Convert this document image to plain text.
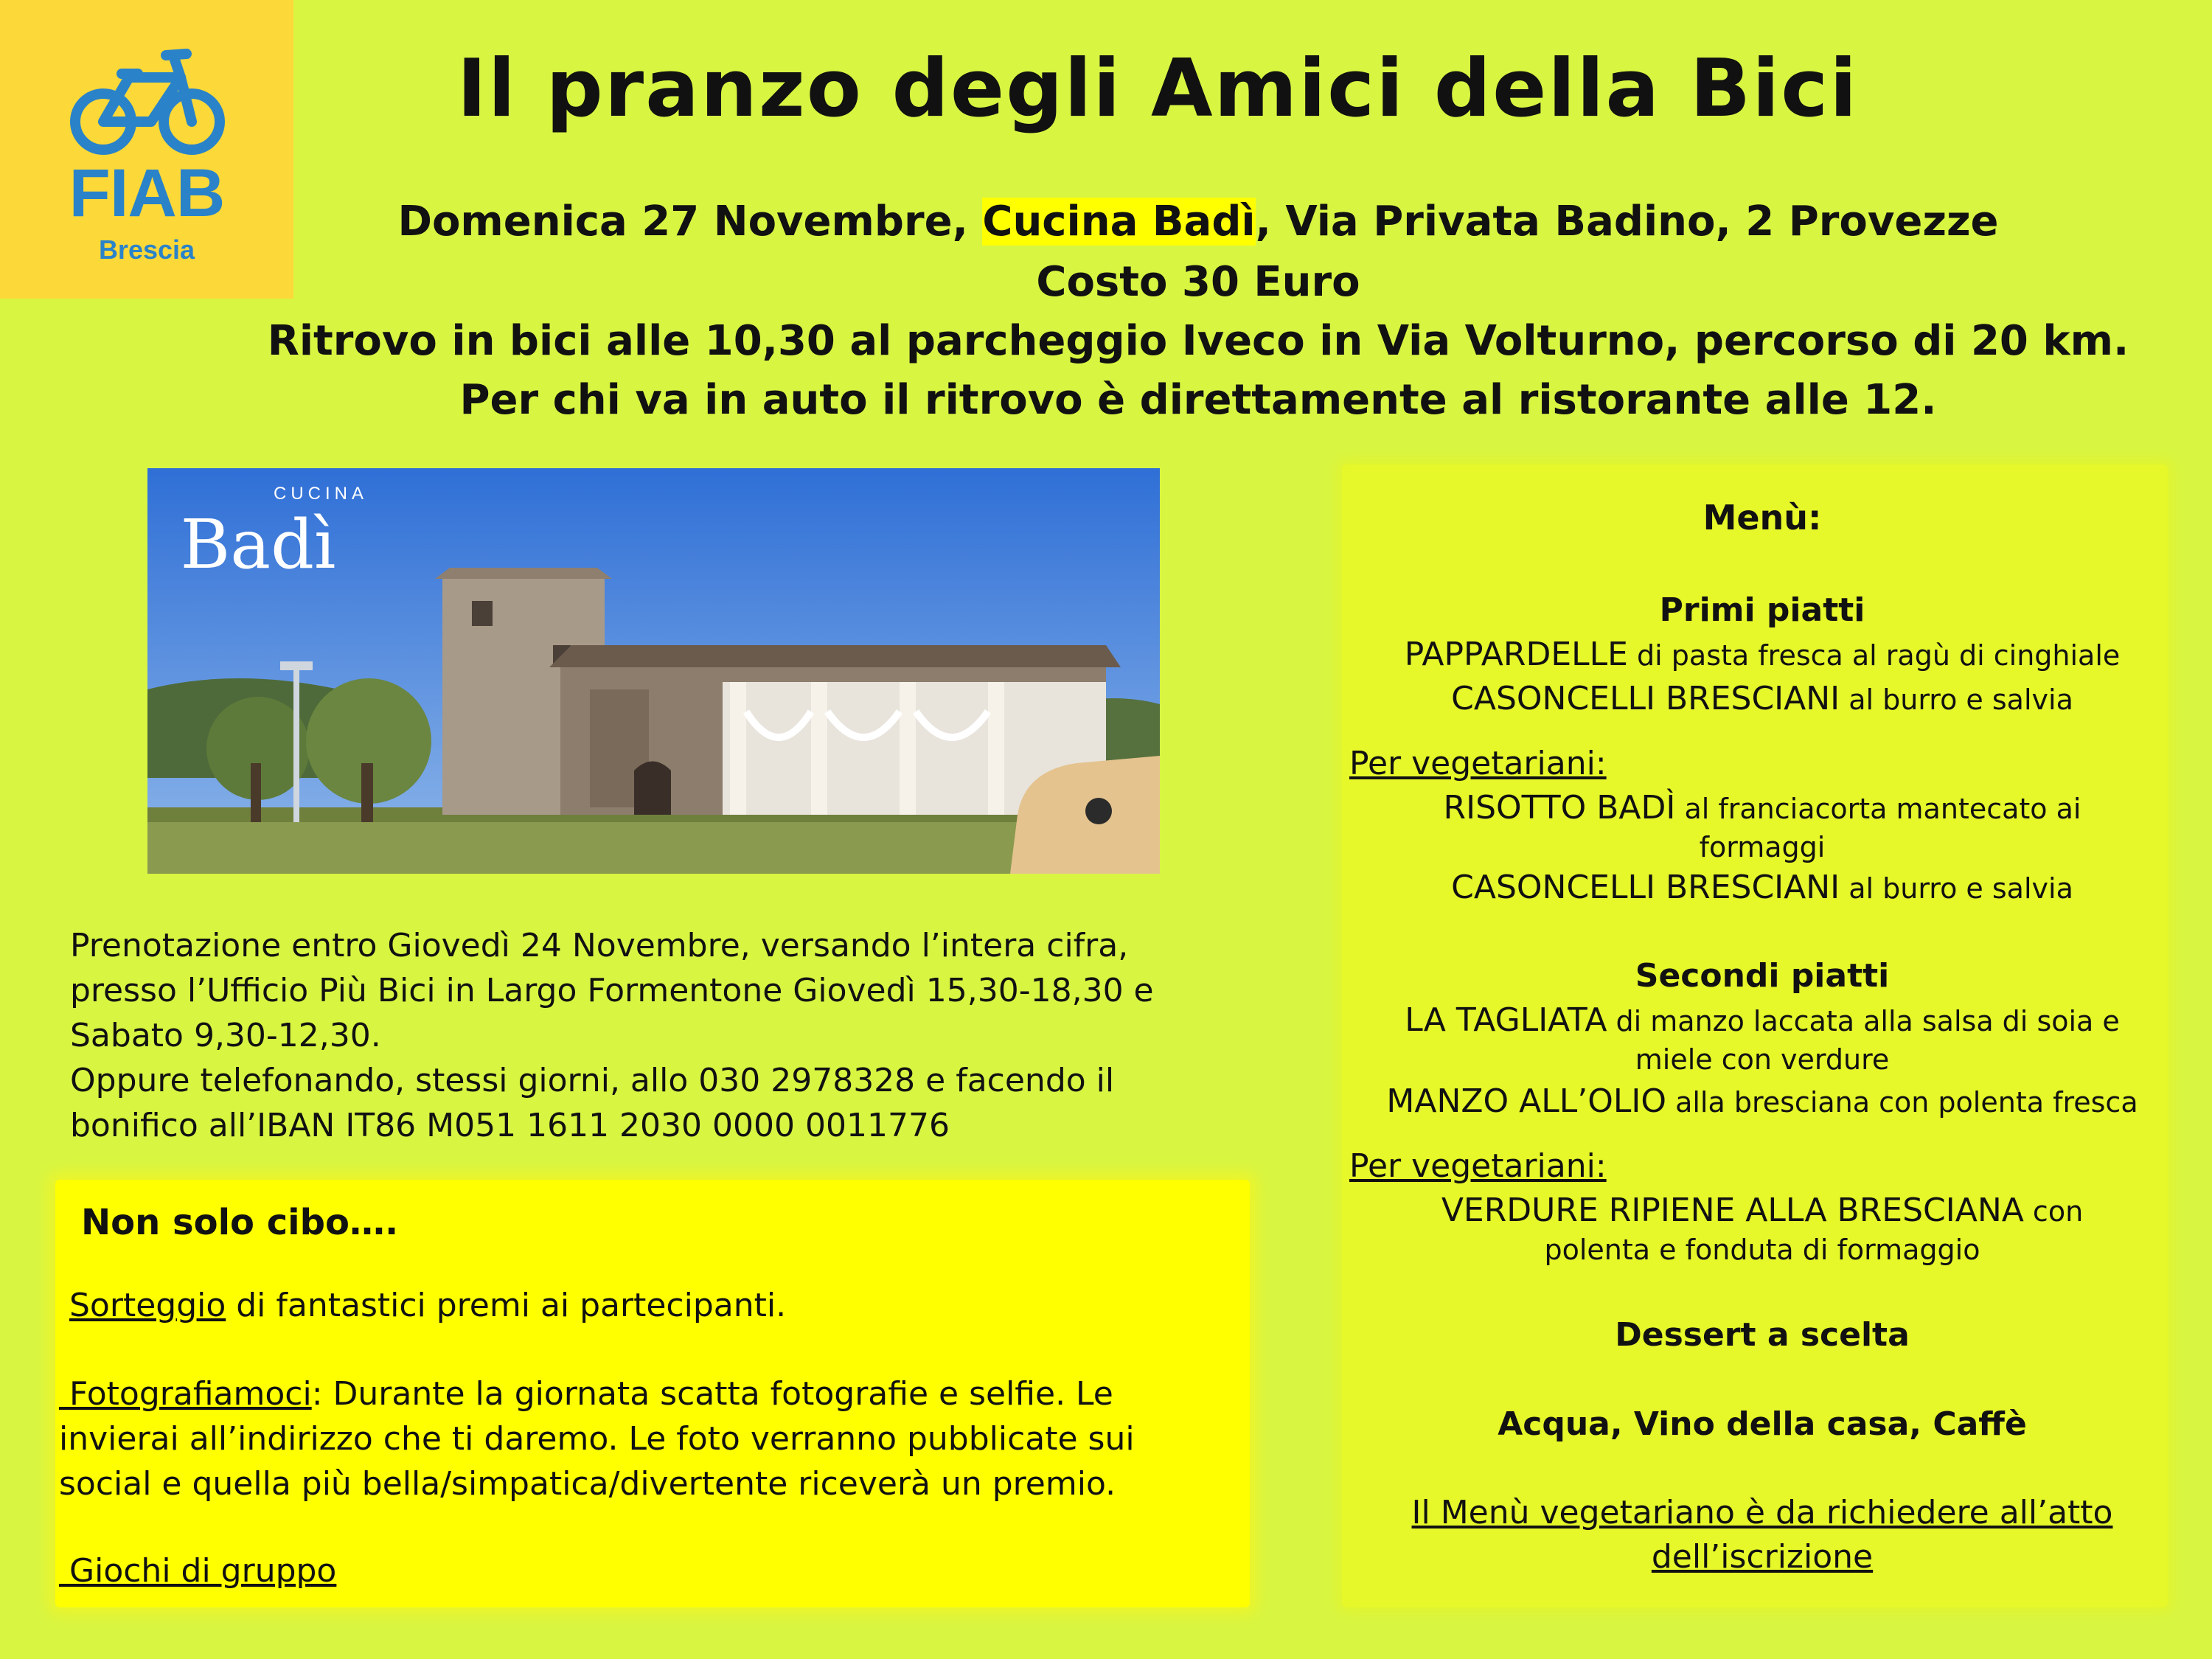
FIAB
Brescia
Il pranzo degli Amici della Bici
Domenica 27 Novembre, Cucina Badì, Via Privata Badino, 2 Provezze
Costo 30 Euro
Ritrovo in bici alle 10,30 al parcheggio Iveco in Via Volturno, percorso di 20 km.
Per chi va in auto il ritrovo è direttamente al ristorante alle 12.
CUCINA
Badì

Prenotazione entro Giovedì 24 Novembre, versando l’intera cifra,

presso l’Ufficio Più Bici in Largo Formentone Giovedì 15,30-18,30 e

Sabato 9,30-12,30.

Oppure telefonando, stessi giorni, allo 030 2978328 e facendo il

bonifico all’IBAN IT86 M051 1611 2030 0000 0011776

Non solo cibo….

Sorteggio di fantastici premi ai partecipanti.

Fotografiamoci: Durante la giornata scatta fotografie e selfie. Le

invierai all’indirizzo che ti daremo. Le foto verranno pubblicate sui

social e quella più bella/simpatica/divertente riceverà un premio.

Giochi di gruppo

Menù:

Primi piatti

PAPPARDELLE di pasta fresca al ragù di cinghiale

CASONCELLI BRESCIANI al burro e salvia

Per vegetariani:

RISOTTO BADÌ al franciacorta mantecato ai

formaggi

CASONCELLI BRESCIANI al burro e salvia

Secondi piatti

LA TAGLIATA di manzo laccata alla salsa di soia e

miele con verdure

MANZO ALL’OLIO alla bresciana con polenta fresca

Per vegetariani:

VERDURE RIPIENE ALLA BRESCIANA con

polenta e fonduta di formaggio

Dessert a scelta

Acqua, Vino della casa, Caffè

Il Menù vegetariano è da richiedere all’atto

dell’iscrizione
